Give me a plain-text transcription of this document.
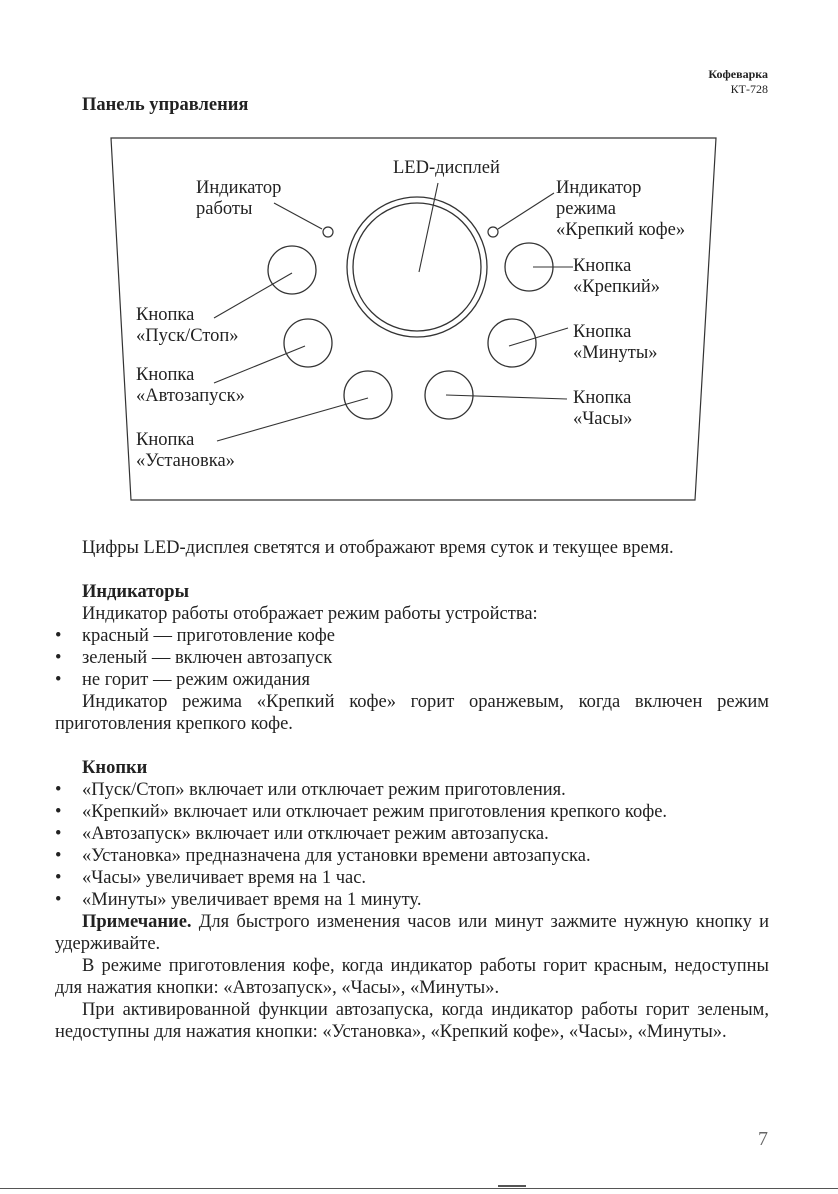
Кофеварка
КТ-728
Панель управления
LED-дисплей
Индикатор
работы
Индикатор
режима
«Крепкий кофе»
Кнопка
«Пуск/Стоп»
Кнопка
«Автозапуск»
Кнопка
«Установка»
Кнопка
«Крепкий»
Кнопка
«Минуты»
Кнопка
«Часы»

Цифры LED-дисплея светятся и отображают время суток и текущее время.

Индикаторы

Индикатор работы отображает режим работы устройства:

• красный — приготовление кофе
• зеленый — включен автозапуск
• не горит — режим ожидания

Индикатор режима «Крепкий кофе» горит оранжевым, когда включен режим приготовления крепкого кофе.

Кнопки

• «Пуск/Стоп» включает или отключает режим приготовления.
• «Крепкий» включает или отключает режим приготовления крепкого кофе.
• «Автозапуск» включает или отключает режим автозапуска.
• «Установка» предназначена для установки времени автозапуска.
• «Часы» увеличивает время на 1 час.
• «Минуты» увеличивает время на 1 минуту.

Примечание. Для быстрого изменения часов или минут зажмите нужную кнопку и удерживайте.

В режиме приготовления кофе, когда индикатор работы горит красным, недоступны для нажатия кнопки: «Автозапуск», «Часы», «Минуты».

При активированной функции автозапуска, когда индикатор работы горит зеленым, недоступны для нажатия кнопки: «Установка», «Крепкий кофе», «Часы», «Минуты».

7
